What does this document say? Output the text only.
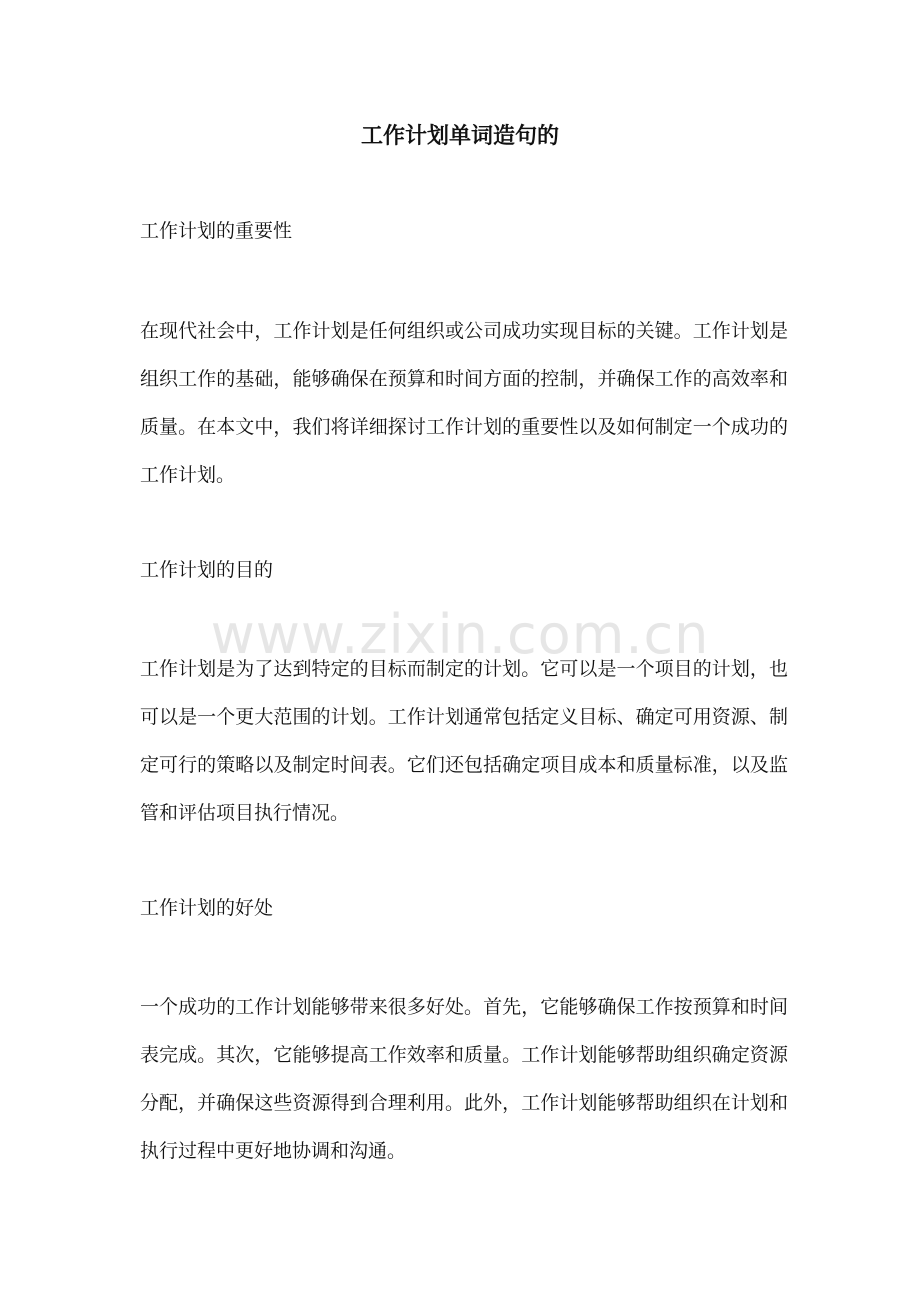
工作计划单词造句的
工作计划的重要性

在现代社会中，工作计划是任何组织或公司成功实现目标的关键。工作计划是组织工作的基础，能够确保在预算和时间方面的控制，并确保工作的高效率和质量。在本文中，我们将详细探讨工作计划的重要性以及如何制定一个成功的工作计划。

工作计划的目的

工作计划是为了达到特定的目标而制定的计划。它可以是一个项目的计划，也可以是一个更大范围的计划。工作计划通常包括定义目标、确定可用资源、制定可行的策略以及制定时间表。它们还包括确定项目成本和质量标准，以及监管和评估项目执行情况。

工作计划的好处

一个成功的工作计划能够带来很多好处。首先，它能够确保工作按预算和时间表完成。其次，它能够提高工作效率和质量。工作计划能够帮助组织确定资源分配，并确保这些资源得到合理利用。此外，工作计划能够帮助组织在计划和执行过程中更好地协调和沟通。

www.zixin.com.cn
